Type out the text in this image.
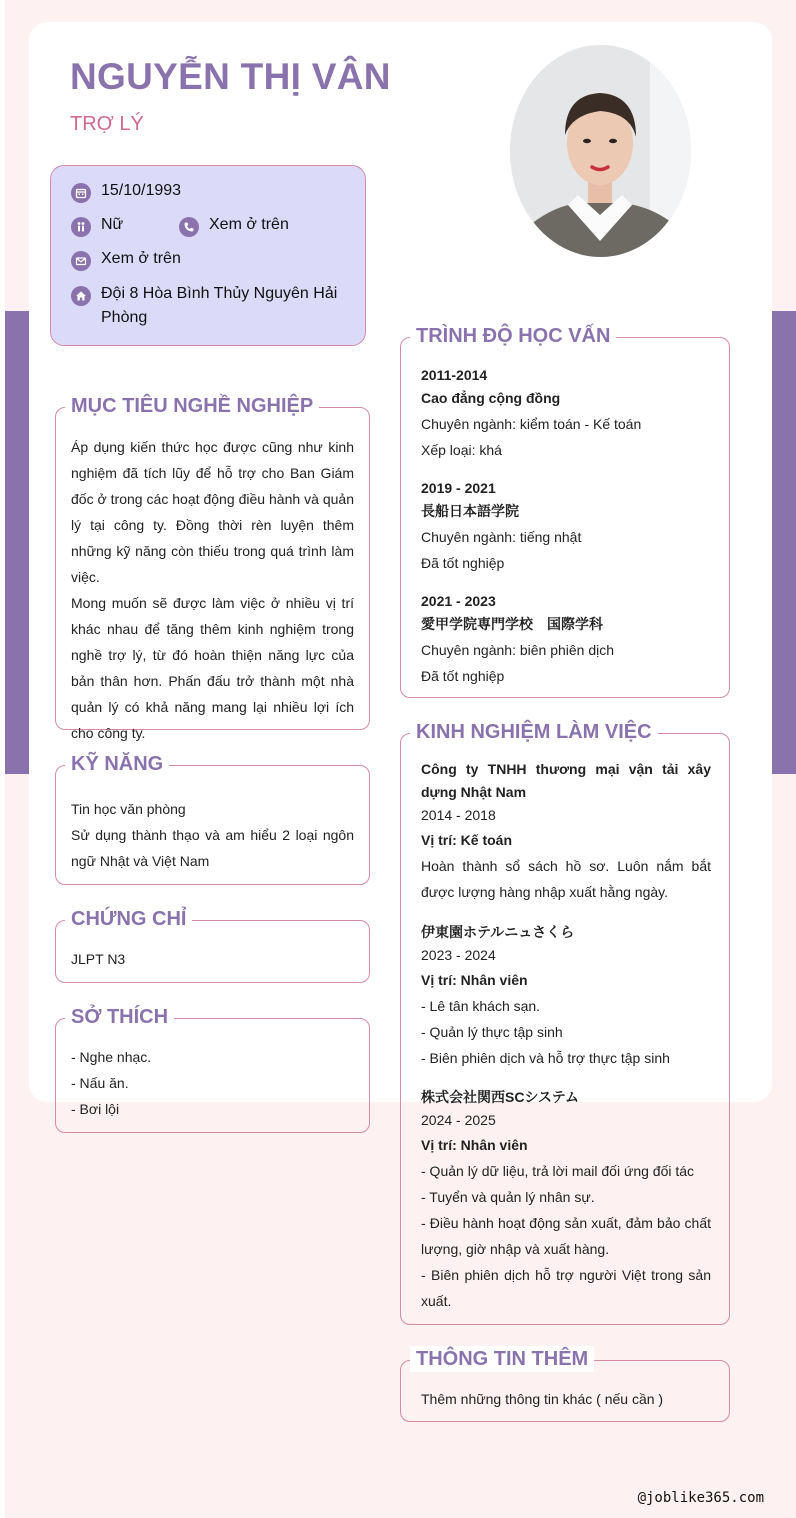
NGUYỄN THỊ VÂN
TRỢ LÝ
15/10/1993
Nữ	Xem ở trên
Xem ở trên
Đội 8 Hòa Bình Thủy Nguyên Hải Phòng
MỤC TIÊU NGHỀ NGHIỆP
Áp dụng kiến thức học được cũng như kinh nghiệm đã tích lũy để hỗ trợ cho Ban Giám đốc ở trong các hoạt động điều hành và quản lý tại công ty. Đồng thời rèn luyện thêm những kỹ năng còn thiếu trong quá trình làm việc.
Mong muốn sẽ được làm việc ở nhiều vị trí khác nhau để tăng thêm kinh nghiệm trong nghề trợ lý, từ đó hoàn thiện năng lực của bản thân hơn. Phấn đấu trở thành một nhà quản lý có khả năng mang lại nhiều lợi ích cho công ty.
KỸ NĂNG
Tin học văn phòng
Sử dụng thành thạo và am hiểu 2 loại ngôn ngữ Nhật và Việt Nam
CHỨNG CHỈ
JLPT N3
SỞ THÍCH
- Nghe nhạc.
- Nấu ăn.
- Bơi lội
TRÌNH ĐỘ HỌC VẤN

2011-2014

Cao đẳng cộng đồng

Chuyên ngành: kiểm toán - Kế toán

Xếp loại: khá

2019 - 2021

長船日本語学院

Chuyên ngành: tiếng nhật

Đã tốt nghiệp

2021 - 2023

愛甲学院専門学校　国際学科

Chuyên ngành: biên phiên dịch

Đã tốt nghiệp

KINH NGHIỆM LÀM VIỆC

Công ty TNHH thương mại vận tải xây dựng Nhật Nam

2014 - 2018

Vị trí: Kế toán

Hoàn thành sổ sách hồ sơ. Luôn nắm bắt được lượng hàng nhập xuất hằng ngày.

伊東園ホテルニュさくら

2023 - 2024

Vị trí: Nhân viên

- Lê tân khách sạn.

- Quản lý thực tập sinh

- Biên phiên dịch và hỗ trợ thực tập sinh

株式会社関西SCシステム

2024 - 2025

Vị trí: Nhân viên

- Quản lý dữ liệu, trả lời mail đối ứng đối tác

- Tuyển và quản lý nhân sự.

- Điều hành hoạt động sản xuất, đảm bảo chất lượng, giờ nhập và xuất hàng.

- Biên phiên dịch hỗ trợ người Việt trong sản xuất.

THÔNG TIN THÊM
Thêm những thông tin khác ( nếu cần )
@joblike365.com
